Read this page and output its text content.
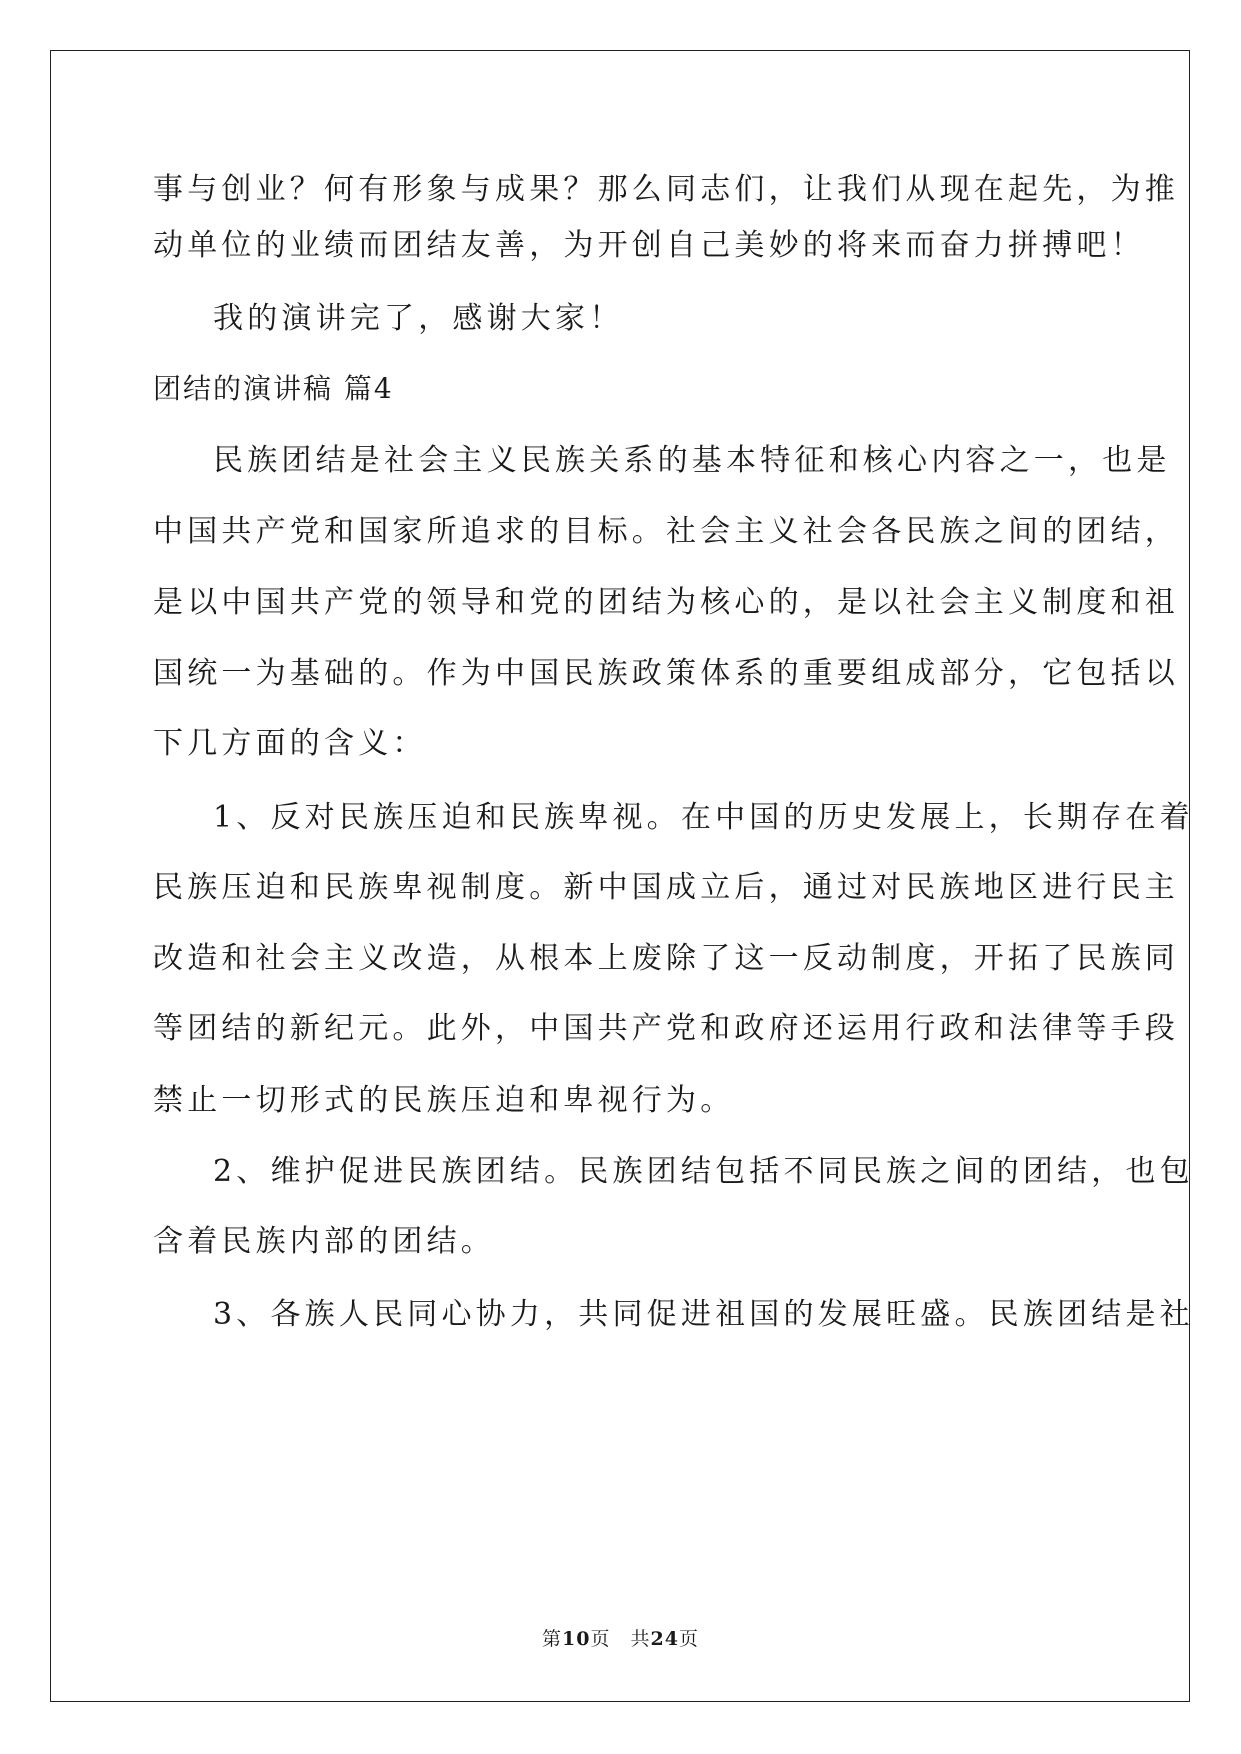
事与创业？何有形象与成果？那么同志们，让我们从现在起先，为推
动单位的业绩而团结友善，为开创自己美妙的将来而奋力拼搏吧！
我的演讲完了，感谢大家！
团结的演讲稿 篇4
民族团结是社会主义民族关系的基本特征和核心内容之一，也是
中国共产党和国家所追求的目标。社会主义社会各民族之间的团结，
是以中国共产党的领导和党的团结为核心的，是以社会主义制度和祖
国统一为基础的。作为中国民族政策体系的重要组成部分，它包括以
下几方面的含义：
1、反对民族压迫和民族卑视。在中国的历史发展上，长期存在着
民族压迫和民族卑视制度。新中国成立后，通过对民族地区进行民主
改造和社会主义改造，从根本上废除了这一反动制度，开拓了民族同
等团结的新纪元。此外，中国共产党和政府还运用行政和法律等手段
禁止一切形式的民族压迫和卑视行为。
2、维护促进民族团结。民族团结包括不同民族之间的团结，也包
含着民族内部的团结。
3、各族人民同心协力，共同促进祖国的发展旺盛。民族团结是社
第10页　共24页
